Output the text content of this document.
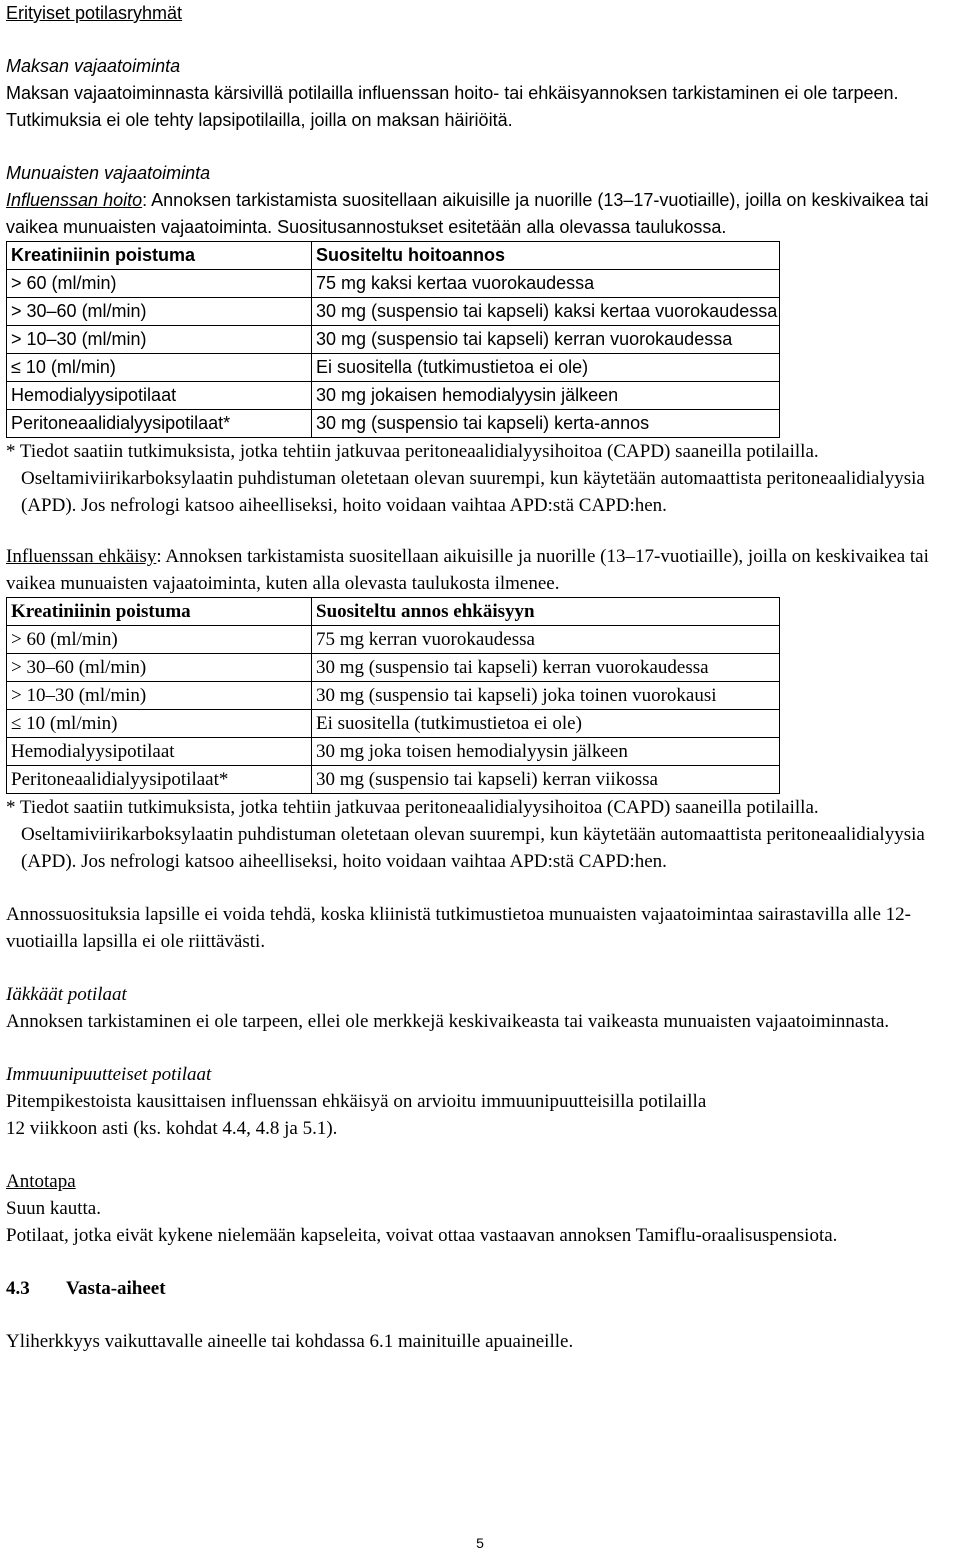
Erityiset potilasryhmät

Maksan vajaatoiminta

Maksan vajaatoiminnasta kärsivillä potilailla influenssan hoito- tai ehkäisyannoksen tarkistaminen ei ole tarpeen. Tutkimuksia ei ole tehty lapsipotilailla, joilla on maksan häiriöitä.

Munuaisten vajaatoiminta

Influenssan hoito: Annoksen tarkistamista suositellaan aikuisille ja nuorille (13–17-vuotiaille), joilla on keskivaikea tai vaikea munuaisten vajaatoiminta. Suositusannostukset esitetään alla olevassa taulukossa.

Kreatiniinin poistuma	Suositeltu hoitoannos
> 60 (ml/min)	75 mg kaksi kertaa vuorokaudessa
> 30–60 (ml/min)	30 mg (suspensio tai kapseli) kaksi kertaa vuorokaudessa
> 10–30 (ml/min)	30 mg (suspensio tai kapseli) kerran vuorokaudessa
≤ 10 (ml/min)	Ei suositella (tutkimustietoa ei ole)
Hemodialyysipotilaat	30 mg jokaisen hemodialyysin jälkeen
Peritoneaalidialyysipotilaat*	30 mg (suspensio tai kapseli) kerta-annos

* Tiedot saatiin tutkimuksista, jotka tehtiin jatkuvaa peritoneaalidialyysihoitoa (CAPD) saaneilla potilailla. Oseltamiviirikarboksylaatin puhdistuman oletetaan olevan suurempi, kun käytetään automaattista peritoneaalidialyysia (APD). Jos nefrologi katsoo aiheelliseksi, hoito voidaan vaihtaa APD:stä CAPD:hen.

Influenssan ehkäisy: Annoksen tarkistamista suositellaan aikuisille ja nuorille (13–17-vuotiaille), joilla on keskivaikea tai vaikea munuaisten vajaatoiminta, kuten alla olevasta taulukosta ilmenee.

Kreatiniinin poistuma	Suositeltu annos ehkäisyyn
> 60 (ml/min)	75 mg kerran vuorokaudessa
> 30–60 (ml/min)	30 mg (suspensio tai kapseli) kerran vuorokaudessa
> 10–30 (ml/min)	30 mg (suspensio tai kapseli) joka toinen vuorokausi
≤ 10 (ml/min)	Ei suositella (tutkimustietoa ei ole)
Hemodialyysipotilaat	30 mg joka toisen hemodialyysin jälkeen
Peritoneaalidialyysipotilaat*	30 mg (suspensio tai kapseli) kerran viikossa

* Tiedot saatiin tutkimuksista, jotka tehtiin jatkuvaa peritoneaalidialyysihoitoa (CAPD) saaneilla potilailla. Oseltamiviirikarboksylaatin puhdistuman oletetaan olevan suurempi, kun käytetään automaattista peritoneaalidialyysia (APD). Jos nefrologi katsoo aiheelliseksi, hoito voidaan vaihtaa APD:stä CAPD:hen.

Annossuosituksia lapsille ei voida tehdä, koska kliinistä tutkimustietoa munuaisten vajaatoimintaa sairastavilla alle 12-vuotiailla lapsilla ei ole riittävästi.

Iäkkäät potilaat

Annoksen tarkistaminen ei ole tarpeen, ellei ole merkkejä keskivaikeasta tai vaikeasta munuaisten vajaatoiminnasta.

Immuunipuutteiset potilaat

Pitempikestoista kausittaisen influenssan ehkäisyä on arvioitu immuunipuutteisilla potilailla

12 viikkoon asti (ks. kohdat 4.4, 4.8 ja 5.1).

Antotapa

Suun kautta.

Potilaat, jotka eivät kykene nielemään kapseleita, voivat ottaa vastaavan annoksen Tamiflu-oraalisuspensiota.

4.3 Vasta-aiheet

Yliherkkyys vaikuttavalle aineelle tai kohdassa 6.1 mainituille apuaineille.

5
